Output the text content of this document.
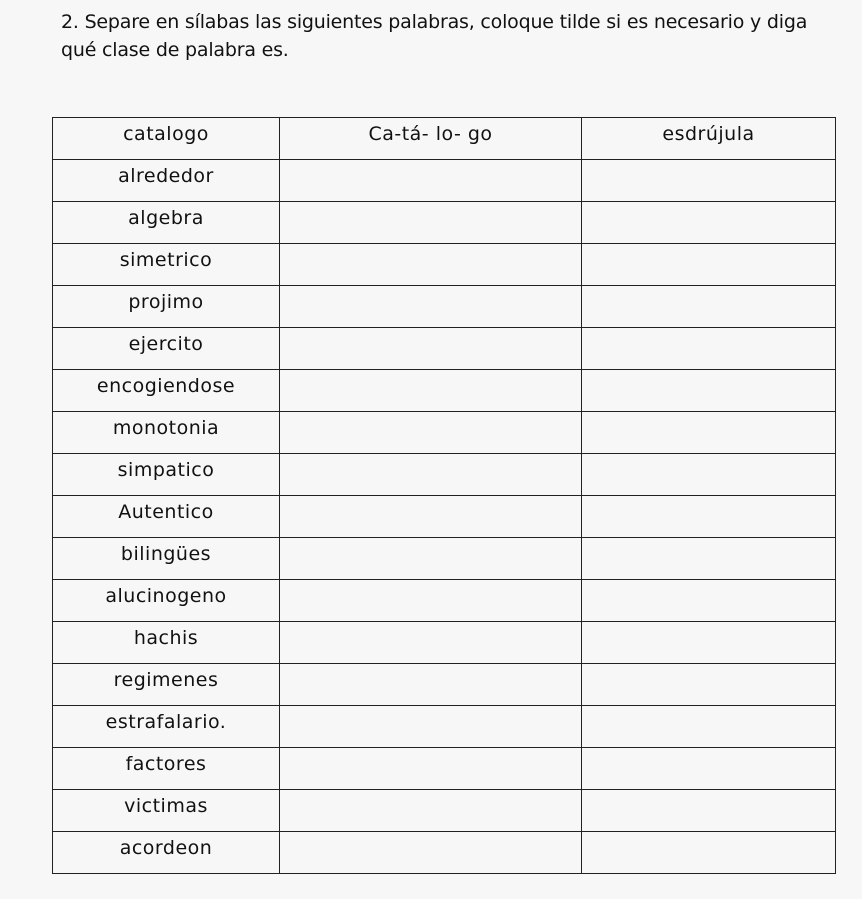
2. Separe en sílabas las siguientes palabras, coloque tilde si es necesario y diga qué clase de palabra es.

catalogo	Ca-tá- lo- go	esdrújula
alrededor		
algebra		
simetrico		
projimo		
ejercito		
encogiendose		
monotonia		
simpatico		
Autentico		
bilingües		
alucinogeno		
hachis		
regimenes		
estrafalario.		
factores		
victimas		
acordeon		
